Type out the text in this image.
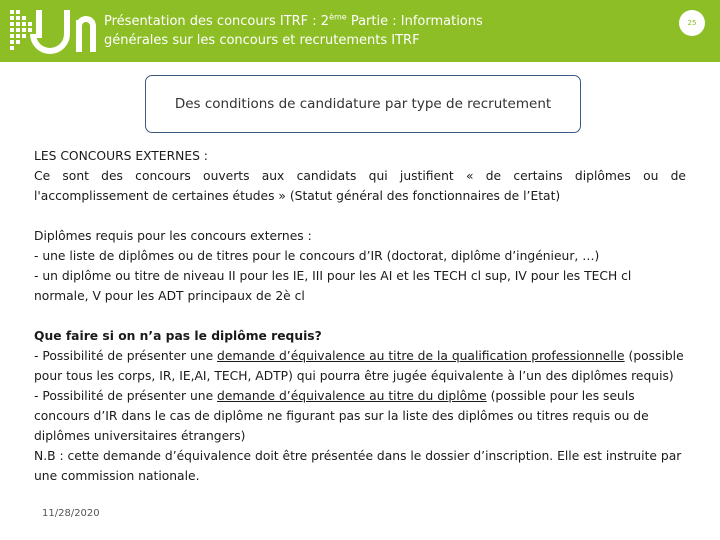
Présentation des concours ITRF : 2ème Partie : Informations
générales sur les concours et recrutements ITRF
25
Des conditions de candidature par type de recrutement

LES CONCOURS EXTERNES :

Ce sont des concours ouverts aux candidats qui justifient « de certains diplômes ou de l'accomplissement de certaines études » (Statut général des fonctionnaires de l’Etat)

Diplômes requis pour les concours externes :

- une liste de diplômes ou de titres pour le concours d’IR (doctorat, diplôme d’ingénieur, …)

- un diplôme ou titre de niveau II pour les IE, III pour les AI et les TECH cl sup, IV pour les TECH cl normale, V pour les ADT principaux de 2è cl

Que faire si on n’a pas le diplôme requis?

- Possibilité de présenter une demande d’équivalence au titre de la qualification professionnelle (possible pour tous les corps, IR, IE,AI, TECH, ADTP) qui pourra être jugée équivalente à l’un des diplômes requis)

- Possibilité de présenter une demande d’équivalence au titre du diplôme (possible pour les seuls concours d’IR dans le cas de diplôme ne figurant pas sur la liste des diplômes ou titres requis ou de diplômes universitaires étrangers)

N.B : cette demande d’équivalence doit être présentée dans le dossier d’inscription. Elle est instruite par une commission nationale.

11/28/2020
